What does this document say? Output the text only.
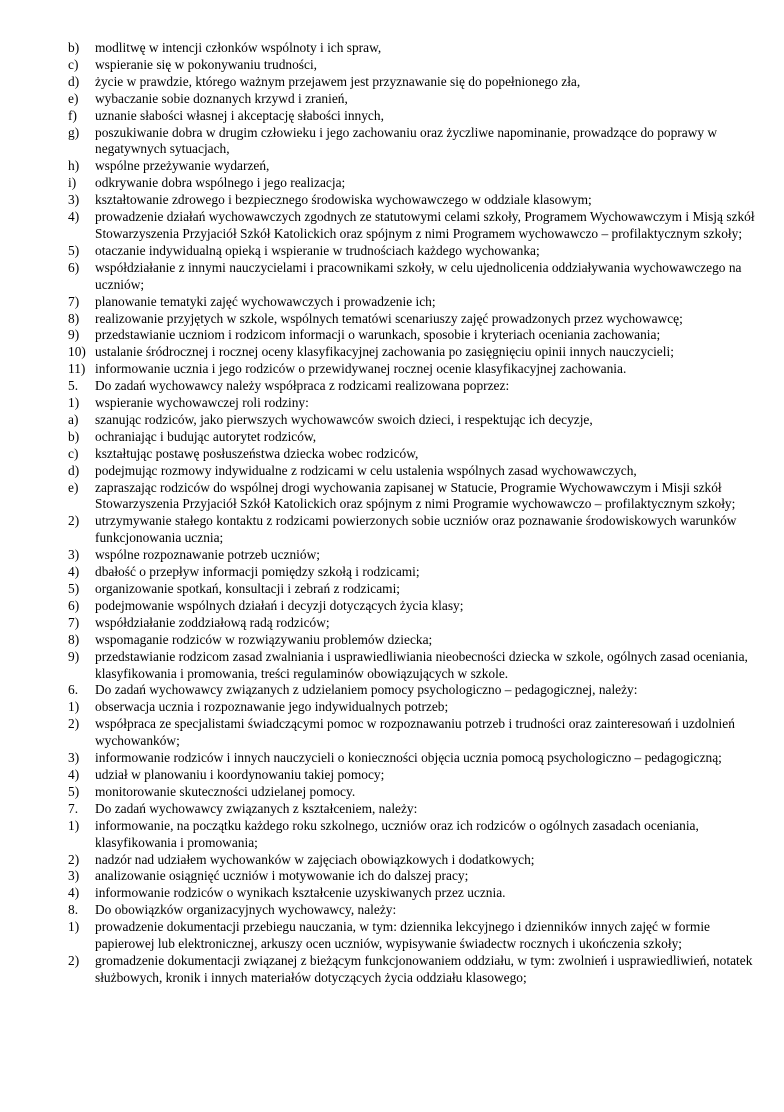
b) modlitwę w intencji członków wspólnoty i ich spraw,
c) wspieranie się w pokonywaniu trudności,
d) życie w prawdzie, którego ważnym przejawem jest przyznawanie się do popełnionego zła,
e) wybaczanie sobie doznanych krzywd i zranień,
f) uznanie słabości własnej i akceptację słabości innych,
g) poszukiwanie dobra w drugim człowieku i jego zachowaniu oraz życzliwe napominanie, prowadzące do poprawy w negatywnych sytuacjach,
h) wspólne przeżywanie wydarzeń,
i) odkrywanie dobra wspólnego i jego realizacja;
3) kształtowanie zdrowego i bezpiecznego środowiska wychowawczego w oddziale klasowym;
4) prowadzenie działań wychowawczych zgodnych ze statutowymi celami szkoły, Programem Wychowawczym i Misją szkół Stowarzyszenia Przyjaciół Szkół Katolickich oraz spójnym z nimi Programem wychowawczo – profilaktycznym szkoły;
5) otaczanie indywidualną opieką i wspieranie w trudnościach każdego wychowanka;
6) współdziałanie z innymi nauczycielami i pracownikami szkoły, w celu ujednolicenia oddziaływania wychowawczego na uczniów;
7) planowanie tematyki zajęć wychowawczych i prowadzenie ich;
8) realizowanie przyjętych w szkole, wspólnych tematówi scenariuszy zajęć prowadzonych przez wychowawcę;
9) przedstawianie uczniom i rodzicom informacji o warunkach, sposobie i kryteriach oceniania zachowania;
10) ustalanie śródrocznej i rocznej oceny klasyfikacyjnej zachowania po zasięgnięciu opinii innych nauczycieli;
11) informowanie ucznia i jego rodziców o przewidywanej rocznej ocenie klasyfikacyjnej zachowania.
5. Do zadań wychowawcy należy współpraca z rodzicami realizowana poprzez:
1) wspieranie wychowawczej roli rodziny:
a) szanując rodziców, jako pierwszych wychowawców swoich dzieci, i respektując ich decyzje,
b) ochraniając i budując autorytet rodziców,
c) kształtując postawę posłuszeństwa dziecka wobec rodziców,
d) podejmując rozmowy indywidualne z rodzicami w celu ustalenia wspólnych zasad wychowawczych,
e) zapraszając rodziców do wspólnej drogi wychowania zapisanej w Statucie, Programie Wychowawczym i Misji szkół Stowarzyszenia Przyjaciół Szkół Katolickich oraz spójnym z nimi Programie wychowawczo – profilaktycznym szkoły;
2) utrzymywanie stałego kontaktu z rodzicami powierzonych sobie uczniów oraz poznawanie środowiskowych warunków funkcjonowania ucznia;
3) wspólne rozpoznawanie potrzeb uczniów;
4) dbałość o przepływ informacji pomiędzy szkołą i rodzicami;
5) organizowanie spotkań, konsultacji i zebrań z rodzicami;
6) podejmowanie wspólnych działań i decyzji dotyczących życia klasy;
7) współdziałanie zoddziałową radą rodziców;
8) wspomaganie rodziców w rozwiązywaniu problemów dziecka;
9) przedstawianie rodzicom zasad zwalniania i usprawiedliwiania nieobecności dziecka w szkole, ogólnych zasad oceniania, klasyfikowania i promowania, treści regulaminów obowiązujących w szkole.
6. Do zadań wychowawcy związanych z udzielaniem pomocy psychologiczno – pedagogicznej, należy:
1) obserwacja ucznia i rozpoznawanie jego indywidualnych potrzeb;
2) współpraca ze specjalistami świadczącymi pomoc w rozpoznawaniu potrzeb i trudności oraz zainteresowań i uzdolnień wychowanków;
3) informowanie rodziców i innych nauczycieli o konieczności objęcia ucznia pomocą psychologiczno – pedagogiczną;
4) udział w planowaniu i koordynowaniu takiej pomocy;
5) monitorowanie skuteczności udzielanej pomocy.
7. Do zadań wychowawcy związanych z kształceniem, należy:
1) informowanie, na początku każdego roku szkolnego, uczniów oraz ich rodziców o ogólnych zasadach oceniania, klasyfikowania i promowania;
2) nadzór nad udziałem wychowanków w zajęciach obowiązkowych i dodatkowych;
3) analizowanie osiągnięć uczniów i motywowanie ich do dalszej pracy;
4) informowanie rodziców o wynikach kształcenie uzyskiwanych przez ucznia.
8. Do obowiązków organizacyjnych wychowawcy, należy:
1) prowadzenie dokumentacji przebiegu nauczania, w tym: dziennika lekcyjnego i dzienników innych zajęć w formie papierowej lub elektronicznej, arkuszy ocen uczniów, wypisywanie świadectw rocznych i ukończenia szkoły;
2) gromadzenie dokumentacji związanej z bieżącym funkcjonowaniem oddziału, w tym: zwolnień i usprawiedliwień, notatek służbowych, kronik i innych materiałów dotyczących życia oddziału klasowego;
